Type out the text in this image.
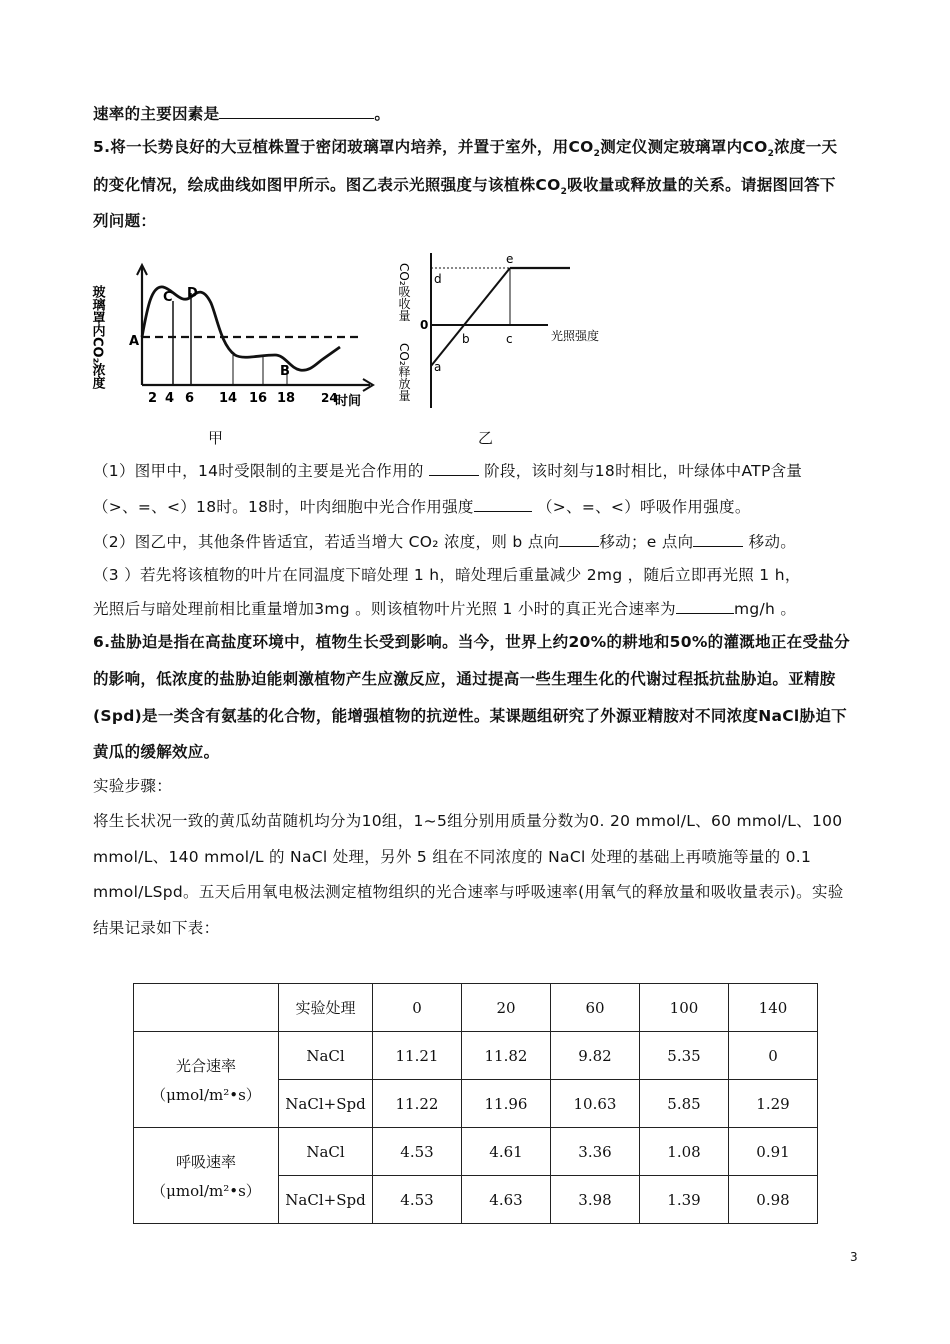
速率的主要因素是	。
5.将一长势良好的大豆植株置于密闭玻璃罩内培养，并置于室外，用$CO_2$测定仪测定玻璃罩内$CO_2$浓度一天
的变化情况，绘成曲线如图甲所示。图乙表示光照强度与该植株$CO_2$吸收量或释放量的关系。请据图回答下
列问题：
玻璃罩内CO₂浓度 A
C D
B
2 4 6 14 16 18 24
时间
甲
CO₂吸收量
CO₂释放量
e
d
0
b	c
a
光照强度
乙
（1）图甲中，14时受限制的主要是光合作用的	阶段，该时刻与18时相比，叶绿体中ATP含量
（>、=、<）18时。18时，叶肉细胞中光合作用强度	（>、=、<）呼吸作用强度。
（2）图乙中，其他条件皆适宜，若适当增大 CO₂ 浓度，则 b 点向	移动；e 点向	移动。
（3 ）若先将该植物的叶片在同温度下暗处理 1 h，暗处理后重量减少 2mg ，随后立即再光照 1 h，
光照后与暗处理前相比重量增加3mg 。则该植物叶片光照 1 小时的真正光合速率为	mg/h 。
6.盐胁迫是指在高盐度环境中，植物生长受到影响。当今，世界上约20%的耕地和50%的灌溉地正在受盐分
的影响，低浓度的盐胁迫能刺激植物产生应激反应，通过提高一些生理生化的代谢过程抵抗盐胁迫。亚精胺
(Spd)是一类含有氨基的化合物，能增强植物的抗逆性。某课题组研究了外源亚精胺对不同浓度NaCl胁迫下
黄瓜的缓解效应。
实验步骤：
将生长状况一致的黄瓜幼苗随机均分为10组，1~5组分别用质量分数为0. 20 mmol/L、60 mmol/L、100
mmol/L、140 mmol/L 的 NaCl 处理，另外 5 组在不同浓度的 NaCl 处理的基础上再喷施等量的 0.1
mmol/LSpd。五天后用氧电极法测定植物组织的光合速率与呼吸速率(用氧气的释放量和吸收量表示)。实验
结果记录如下表：
	实验处理	0	20	60	100	140

光合速率
（μmol/m²•s）	NaCl	11.21	11.82	9.82	5.35	0
	NaCl+Spd	11.22	11.96	10.63	5.85	1.29

呼吸速率
（μmol/m²•s）	NaCl	4.53	4.61	3.36	1.08	0.91
	NaCl+Spd	4.53	4.63	3.98	1.39	0.98
3
